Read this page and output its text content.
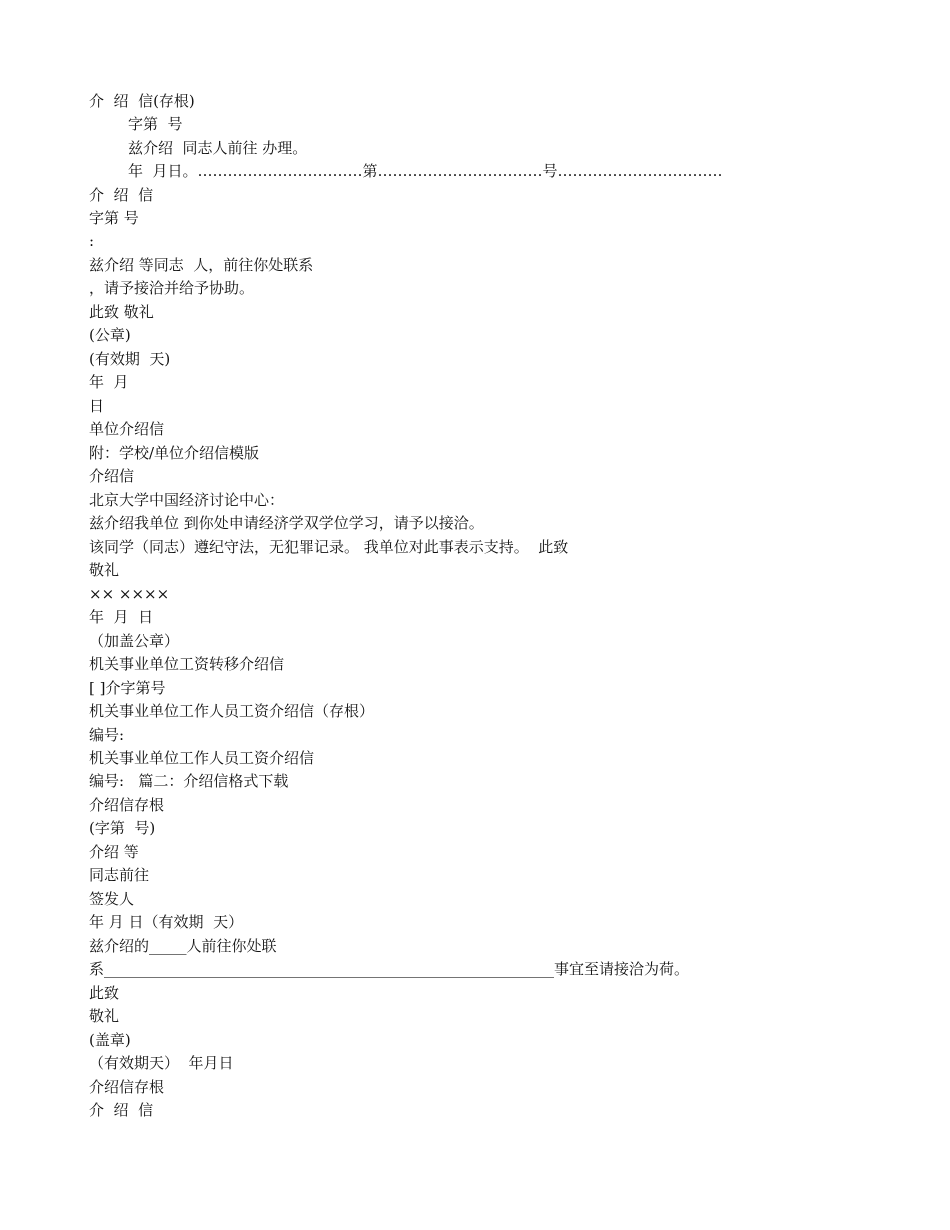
介  绍  信(存根)
字第  号
兹介绍  同志人前往 办理。
年  月日。……………………………第……………………………号……………………………
介  绍  信
字第 号
:
兹介绍 等同志  人，前往你处联系
，请予接洽并给予协助。
此致 敬礼
(公章)
(有效期  天)
年  月
日
单位介绍信
附：学校/单位介绍信模版
介绍信
北京大学中国经济讨论中心：
兹介绍我单位 到你处申请经济学双学位学习，请予以接洽。
该同学（同志）遵纪守法，无犯罪记录。 我单位对此事表示支持。  此致
敬礼
×× ××××
年  月  日
（加盖公章）
机关事业单位工资转移介绍信
[ ]介字第号
机关事业单位工作人员工资介绍信（存根）
编号:
机关事业单位工作人员工资介绍信
编号:   篇二：介绍信格式下载
介绍信存根
(字第  号)
介绍 等
同志前往
签发人
年 月 日（有效期  天）
兹介绍的_____人前往你处联
系____________________________________________________________事宜至请接洽为荷。
此致
敬礼
(盖章)
（有效期天）  年月日
介绍信存根
介  绍  信
